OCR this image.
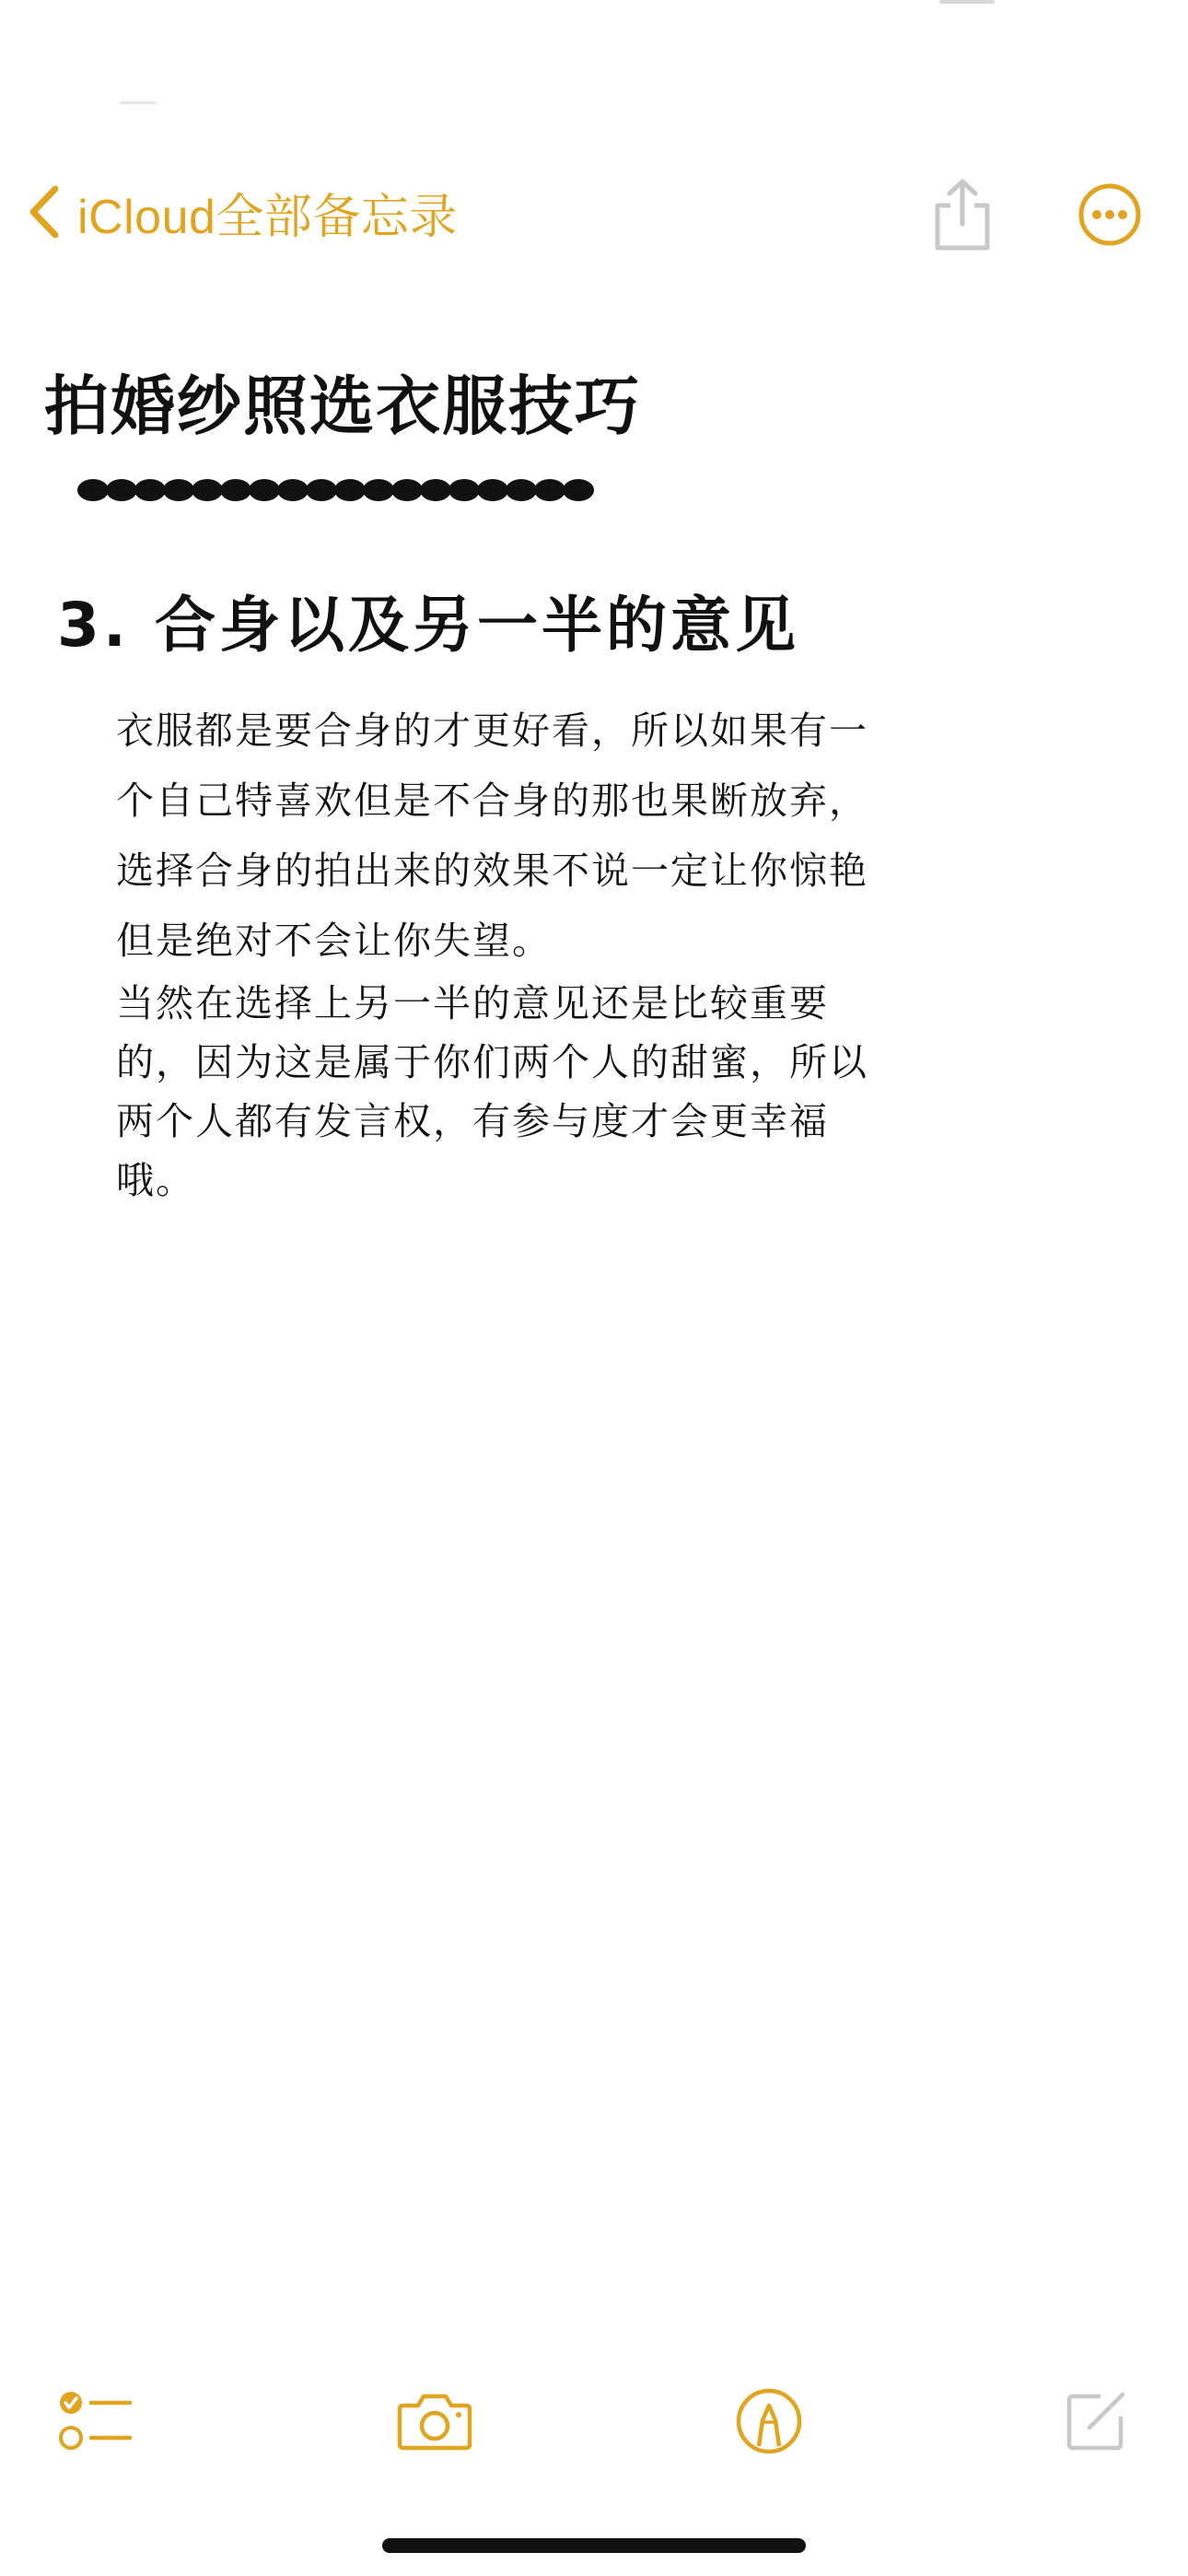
iCloud全部备忘录
拍婚纱照选衣服技巧
3. 合身以及另一半的意见
衣服都是要合身的才更好看，所以如果有一
个自己特喜欢但是不合身的那也果断放弃，
选择合身的拍出来的效果不说一定让你惊艳
但是绝对不会让你失望。
当然在选择上另一半的意见还是比较重要
的，因为这是属于你们两个人的甜蜜，所以
两个人都有发言权，有参与度才会更幸福
哦。
